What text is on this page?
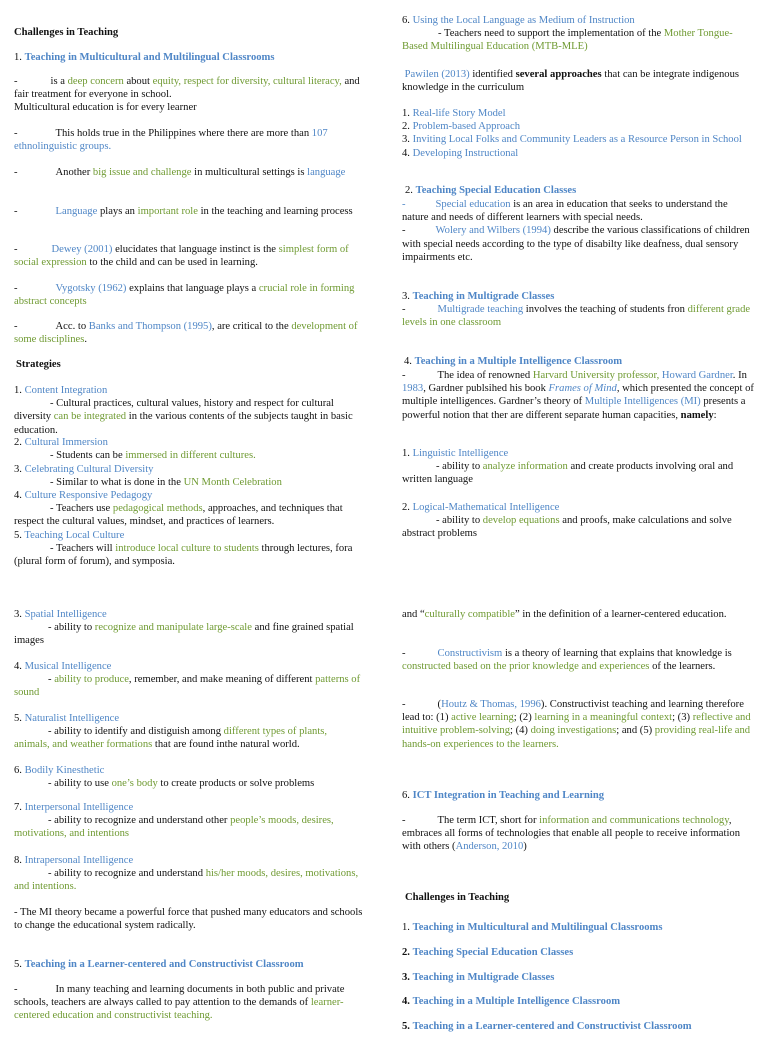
Challenges in Teaching

1. Teaching in Multicultural and Multilingual Classrooms
-	is a deep concern about equity, respect for diversity, cultural literacy, and fair treatment for everyone in school.
Multicultural education is for every learner
-	This holds true in the Philippines where there are more than 107 ethnolinguistic groups.
-	Another big issue and challenge in multicultural settings is language
-	Language plays an important role in the teaching and learning process
-	Dewey (2001) elucidates that language instinct is the simplest form of social expression to the child and can be used in learning.
-	Vygotsky (1962) explains that language plays a crucial role in forming abstract concepts
-	Acc. to Banks and Thompson (1995), are critical to the development of some disciplines.
Strategies
1. Content Integration
- Cultural practices, cultural values, history and respect for cultural diversity can be integrated in the various contents of the subjects taught in basic education.
2. Cultural Immersion
- Students can be immersed in different cultures.
3. Celebrating Cultural Diversity
- Similar to what is done in the UN Month Celebration
4. Culture Responsive Pedagogy
- Teachers use pedagogical methods, approaches, and techniques that respect the cultural values, mindset, and practices of learners.
5. Teaching Local Culture
- Teachers will introduce local culture to students through lectures, fora (plural form of forum), and symposia.
6. Using the Local Language as Medium of Instruction
- Teachers need to support the implementation of the Mother Tongue-Based Multilingual Education (MTB-MLE)
Pawilen (2013) identified several approaches that can be integrate indigenous knowledge in the curriculum
1. Real-life Story Model
2. Problem-based Approach
3. Inviting Local Folks and Community Leaders as a Resource Person in School
4. Developing Instructional
2. Teaching Special Education Classes
-	Special education is an area in education that seeks to understand the nature and needs of different learners with special needs.
-	Wolery and Wilbers (1994) describe the various classifications of children with special needs according to the type of disabilty like deafness, dual sensory impairments etc.
3. Teaching in Multigrade Classes
-	Multigrade teaching involves the teaching of students fron different grade levels in one classroom
4. Teaching in a Multiple Intelligence Classroom
-	The idea of renowned Harvard University professor, Howard Gardner. In 1983, Gardner publsihed his book Frames of Mind, which presented the concept of multiple intelligences. Gardner’s theory of Multiple Intelligences (MI) presents a powerful notion that ther are different separate human capacities, namely:
1. Linguistic Intelligence
- ability to analyze information and create products involving oral and written language
2. Logical-Mathematical Intelligence
- ability to develop equations and proofs, make calculations and solve abstract problems
3. Spatial Intelligence
- ability to recognize and manipulate large-scale and fine grained spatial images
4. Musical Intelligence
- ability to produce, remember, and make meaning of different patterns of sound
5. Naturalist Intelligence
- ability to identify and distiguish among different types of plants, animals, and weather formations that are found inthe natural world.
6. Bodily Kinesthetic
- ability to use one’s body to create products or solve problems
7. Interpersonal Intelligence
- ability to recognize and understand other people’s moods, desires, motivations, and intentions
8. Intrapersonal Intelligence
- ability to recognize and understand his/her moods, desires, motivations, and intentions.
- The MI theory became a powerful force that pushed many educators and schools to change the educational system radically.
5. Teaching in a Learner-centered and Constructivist Classroom
-	In many teaching and learning documents in both public and private schools, teachers are always called to pay attention to the demands of learner-centered education and constructivist teaching.
and “culturally compatible” in the definition of a learner-centered education.
-	Constructivism is a theory of learning that explains that knowledge is constructed based on the prior knowledge and experiences of the learners.
-	(Houtz & Thomas, 1996). Constructivist teaching and learning therefore lead to: (1) active learning; (2) learning in a meaningful context; (3) reflective and intuitive problem-solving; (4) doing investigations; and (5) providing real-life and hands-on experiences to the learners.
6. ICT Integration in Teaching and Learning
-	The term ICT, short for information and communications technology, embraces all forms of technologies that enable all people to receive information with others (Anderson, 2010)
Challenges in Teaching
1. Teaching in Multicultural and Multilingual Classrooms
2. Teaching Special Education Classes
3. Teaching in Multigrade Classes
4. Teaching in a Multiple Intelligence Classroom
5. Teaching in a Learner-centered and Constructivist Classroom
